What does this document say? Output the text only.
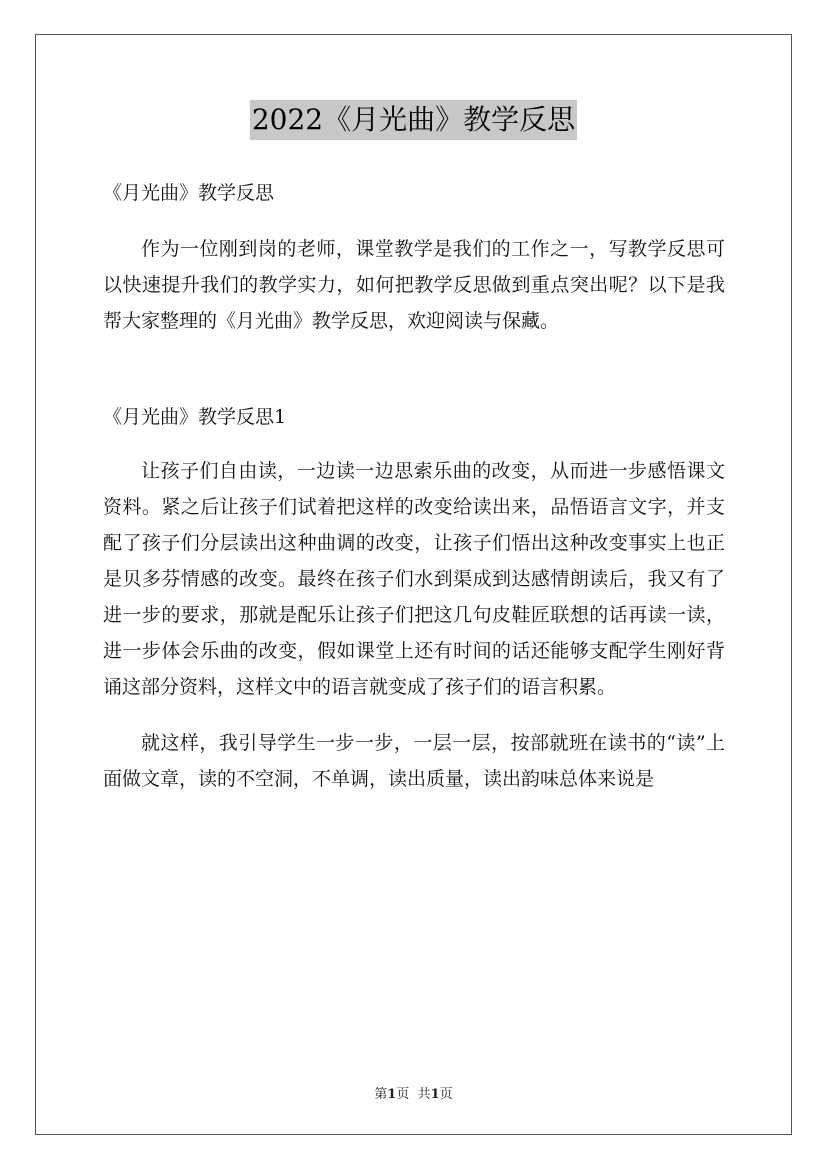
2022《月光曲》教学反思

《月光曲》教学反思

作为一位刚到岗的老师，课堂教学是我们的工作之一，写教学反思可以快速提升我们的教学实力，如何把教学反思做到重点突出呢？以下是我帮大家整理的《月光曲》教学反思，欢迎阅读与保藏。

《月光曲》教学反思1

让孩子们自由读，一边读一边思索乐曲的改变，从而进一步感悟课文资料。紧之后让孩子们试着把这样的改变给读出来，品悟语言文字，并支配了孩子们分层读出这种曲调的改变，让孩子们悟出这种改变事实上也正是贝多芬情感的改变。最终在孩子们水到渠成到达感情朗读后，我又有了进一步的要求，那就是配乐让孩子们把这几句皮鞋匠联想的话再读一读，进一步体会乐曲的改变，假如课堂上还有时间的话还能够支配学生刚好背诵这部分资料，这样文中的语言就变成了孩子们的语言积累。

就这样，我引导学生一步一步，一层一层，按部就班在读书的“读”上面做文章，读的不空洞，不单调，读出质量，读出韵味总体来说是

第1页 共1页
